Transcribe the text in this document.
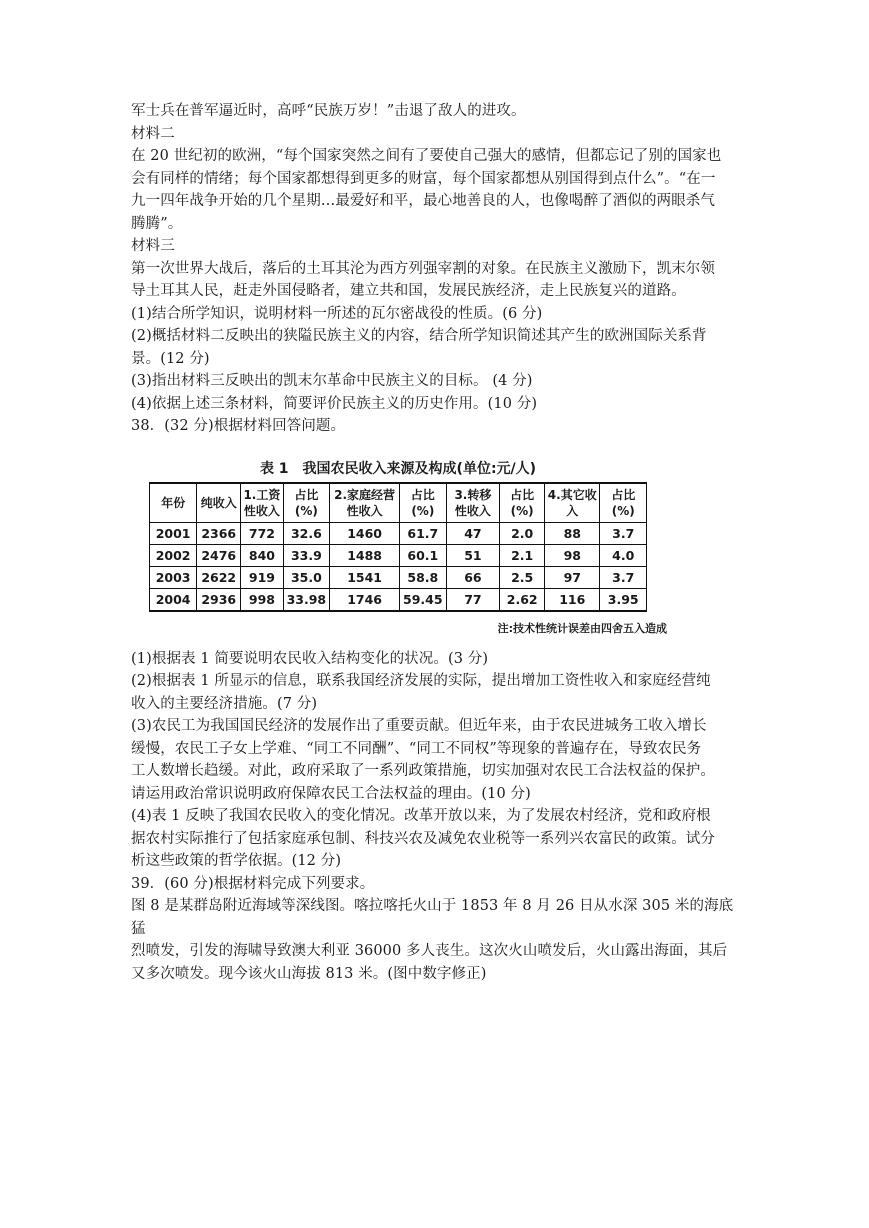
军士兵在普军逼近时，高呼“民族万岁！”击退了敌人的进攻。

材料二

在 20 世纪初的欧洲，“每个国家突然之间有了要使自己强大的感情，但都忘记了别的国家也

会有同样的情绪；每个国家都想得到更多的财富，每个国家都想从别国得到点什么”。“在一

九一四年战争开始的几个星期…最爱好和平，最心地善良的人，也像喝醉了酒似的两眼杀气

腾腾”。

材料三

第一次世界大战后，落后的土耳其沦为西方列强宰割的对象。在民族主义激励下，凯末尔领

导土耳其人民，赶走外国侵略者，建立共和国，发展民族经济，走上民族复兴的道路。

(1)结合所学知识，说明材料一所述的瓦尔密战役的性质。(6 分)

(2)概括材料二反映出的狭隘民族主义的内容，结合所学知识简述其产生的欧洲国际关系背

景。(12 分)

(3)指出材料三反映出的凯末尔革命中民族主义的目标。 (4 分)

(4)依据上述三条材料，简要评价民族主义的历史作用。(10 分)

38．(32 分)根据材料回答问题。

表 1　我国农民收入来源及构成(单位:元/人)
年份	纯收入	1.工资性收入	占比(%)	2.家庭经营性收入	占比(%)	3.转移性收入	占比(%)	4.其它收入	占比(%)
2001	2366	772	32.6	1460	61.7	47	2.0	88	3.7
2002	2476	840	33.9	1488	60.1	51	2.1	98	4.0
2003	2622	919	35.0	1541	58.8	66	2.5	97	3.7
2004	2936	998	33.98	1746	59.45	77	2.62	116	3.95
注:技术性统计误差由四舍五入造成

(1)根据表 1 简要说明农民收入结构变化的状况。(3 分)

(2)根据表 1 所显示的信息，联系我国经济发展的实际，提出增加工资性收入和家庭经营纯

收入的主要经济措施。(7 分)

(3)农民工为我国国民经济的发展作出了重要贡献。但近年来，由于农民进城务工收入增长

缓慢，农民工子女上学难、“同工不同酬”、“同工不同权”等现象的普遍存在，导致农民务

工人数增长趋缓。对此，政府采取了一系列政策措施，切实加强对农民工合法权益的保护。

请运用政治常识说明政府保障农民工合法权益的理由。(10 分)

(4)表 1 反映了我国农民收入的变化情况。改革开放以来，为了发展农村经济，党和政府根

据农村实际推行了包括家庭承包制、科技兴农及减免农业税等一系列兴农富民的政策。试分

析这些政策的哲学依据。(12 分)

39．(60 分)根据材料完成下列要求。

图 8 是某群岛附近海域等深线图。喀拉喀托火山于 1853 年 8 月 26 日从水深 305 米的海底猛

烈喷发，引发的海啸导致澳大利亚 36000 多人丧生。这次火山喷发后，火山露出海面，其后

又多次喷发。现今该火山海拔 813 米。(图中数字修正)
